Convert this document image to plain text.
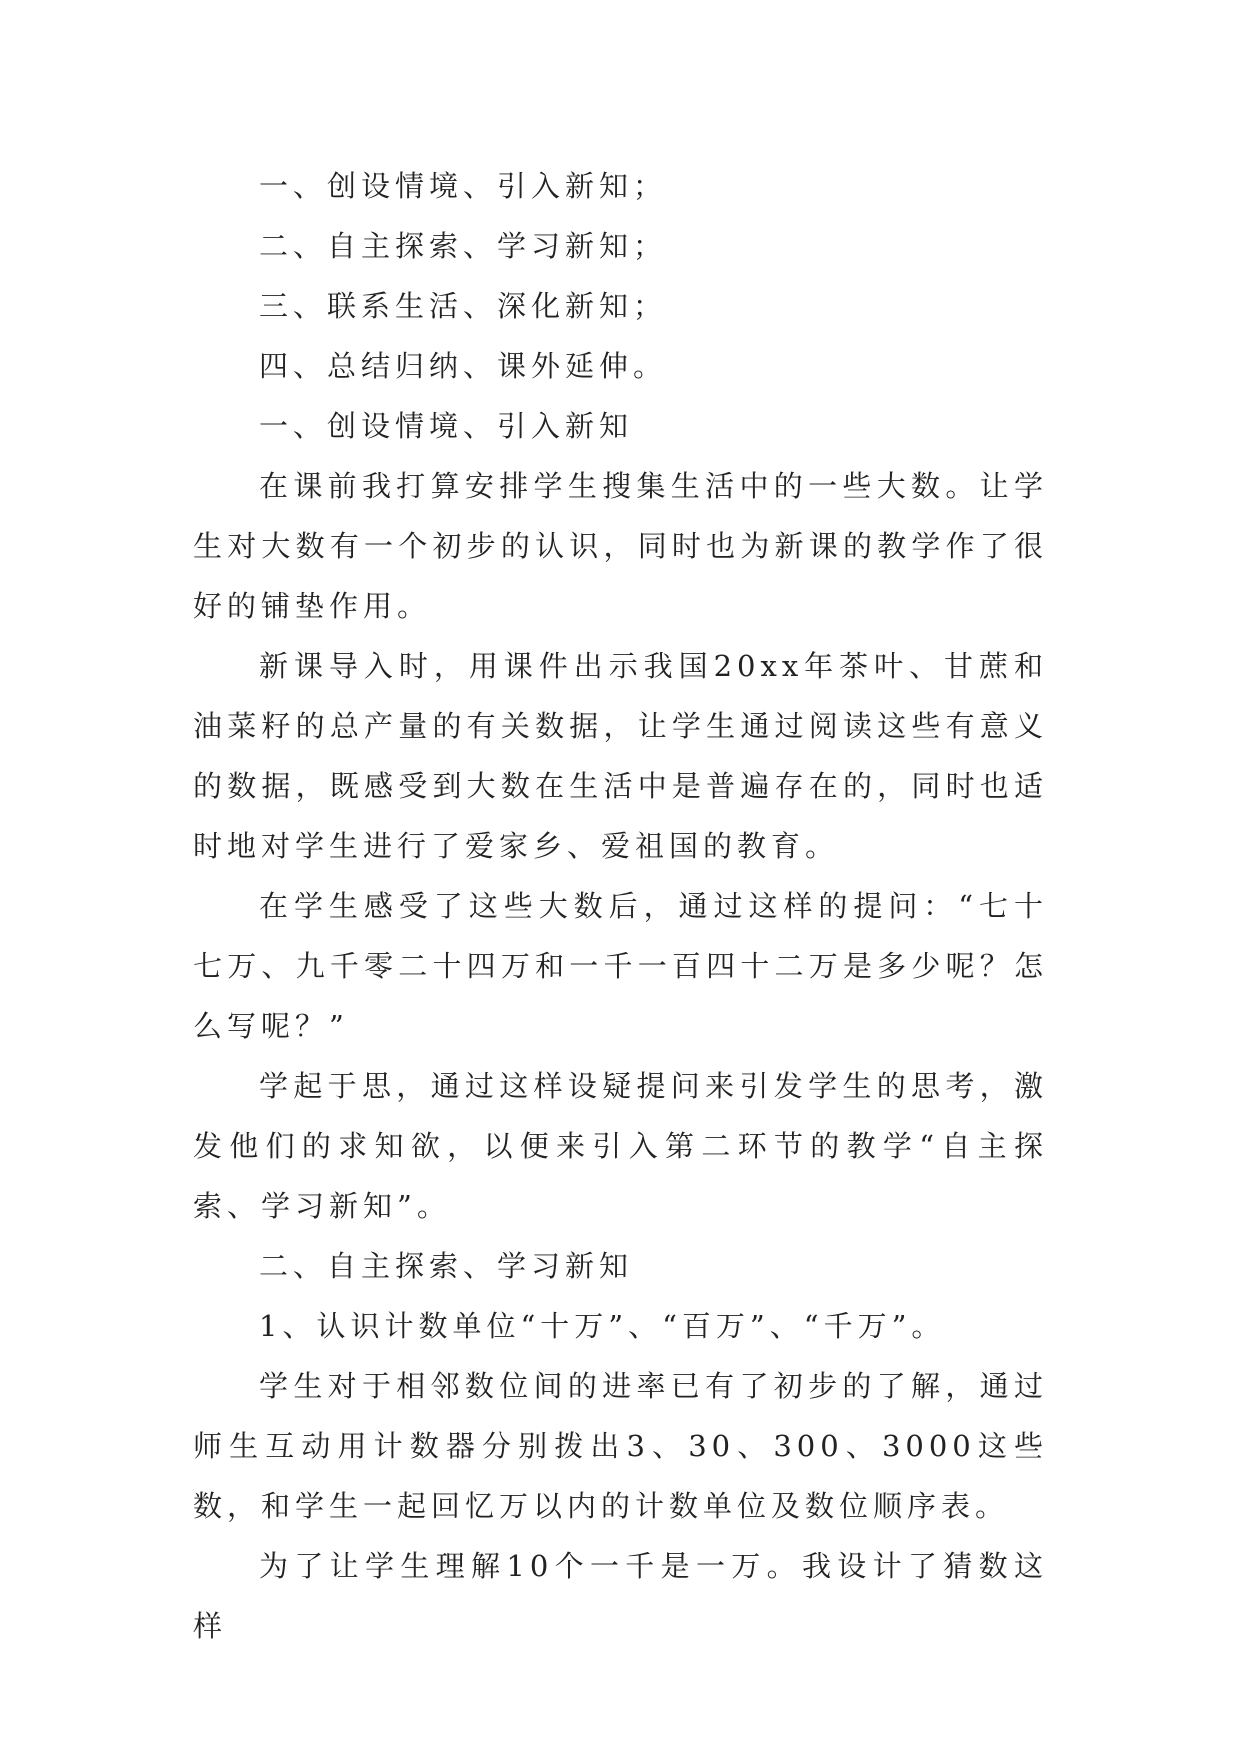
一、创设情境、引入新知；

二、自主探索、学习新知；

三、联系生活、深化新知；

四、总结归纳、课外延伸。

一、创设情境、引入新知

在课前我打算安排学生搜集生活中的一些大数。让学生对大数有一个初步的认识，同时也为新课的教学作了很好的铺垫作用。

新课导入时，用课件出示我国20xx年茶叶、甘蔗和油菜籽的总产量的有关数据，让学生通过阅读这些有意义的数据，既感受到大数在生活中是普遍存在的，同时也适时地对学生进行了爱家乡、爱祖国的教育。

在学生感受了这些大数后，通过这样的提问：“七十七万、九千零二十四万和一千一百四十二万是多少呢？怎么写呢？”

学起于思，通过这样设疑提问来引发学生的思考，激发他们的求知欲，以便来引入第二环节的教学“自主探索、学习新知”。

二、自主探索、学习新知

1、认识计数单位“十万”、“百万”、“千万”。

学生对于相邻数位间的进率已有了初步的了解，通过师生互动用计数器分别拨出3、30、300、3000这些数，和学生一起回忆万以内的计数单位及数位顺序表。

为了让学生理解10个一千是一万。我设计了猜数这样
